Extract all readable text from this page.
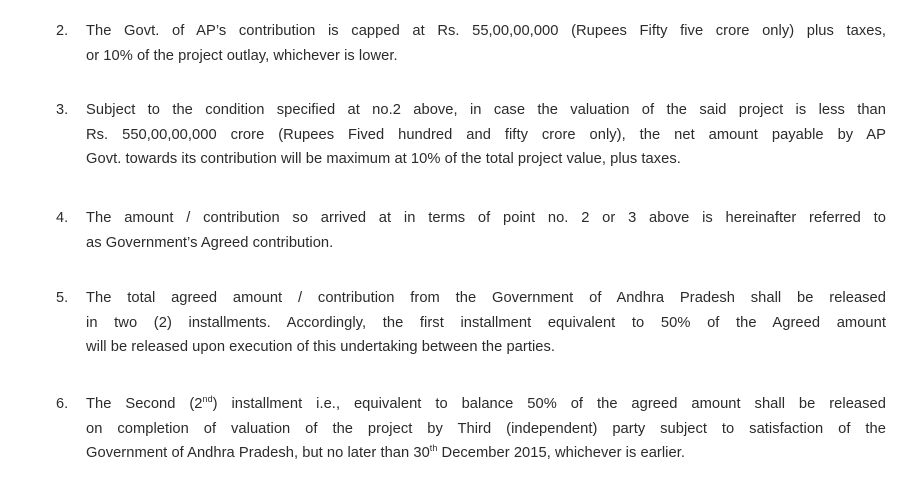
2. The Govt. of AP’s contribution is capped at Rs. 55,00,00,000 (Rupees Fifty five crore only) plus taxes,
or 10% of the project outlay, whichever is lower.
3. Subject to the condition specified at no.2 above, in case the valuation of the said project is less than
Rs. 550,00,00,000 crore (Rupees Fived hundred and fifty crore only), the net amount payable by AP
Govt. towards its contribution will be maximum at 10% of the total project value, plus taxes.
4. The amount / contribution so arrived at in terms of point no. 2 or 3 above is hereinafter referred to
as Government’s Agreed contribution.
5. The total agreed amount / contribution from the Government of Andhra Pradesh shall be released
in two (2) installments. Accordingly, the first installment equivalent to 50% of the Agreed amount
will be released upon execution of this undertaking between the parties.
6. The Second (2nd) installment i.e., equivalent to balance 50% of the agreed amount shall be released
on completion of valuation of the project by Third (independent) party subject to satisfaction of the
Government of Andhra Pradesh, but no later than 30th December 2015, whichever is earlier.
